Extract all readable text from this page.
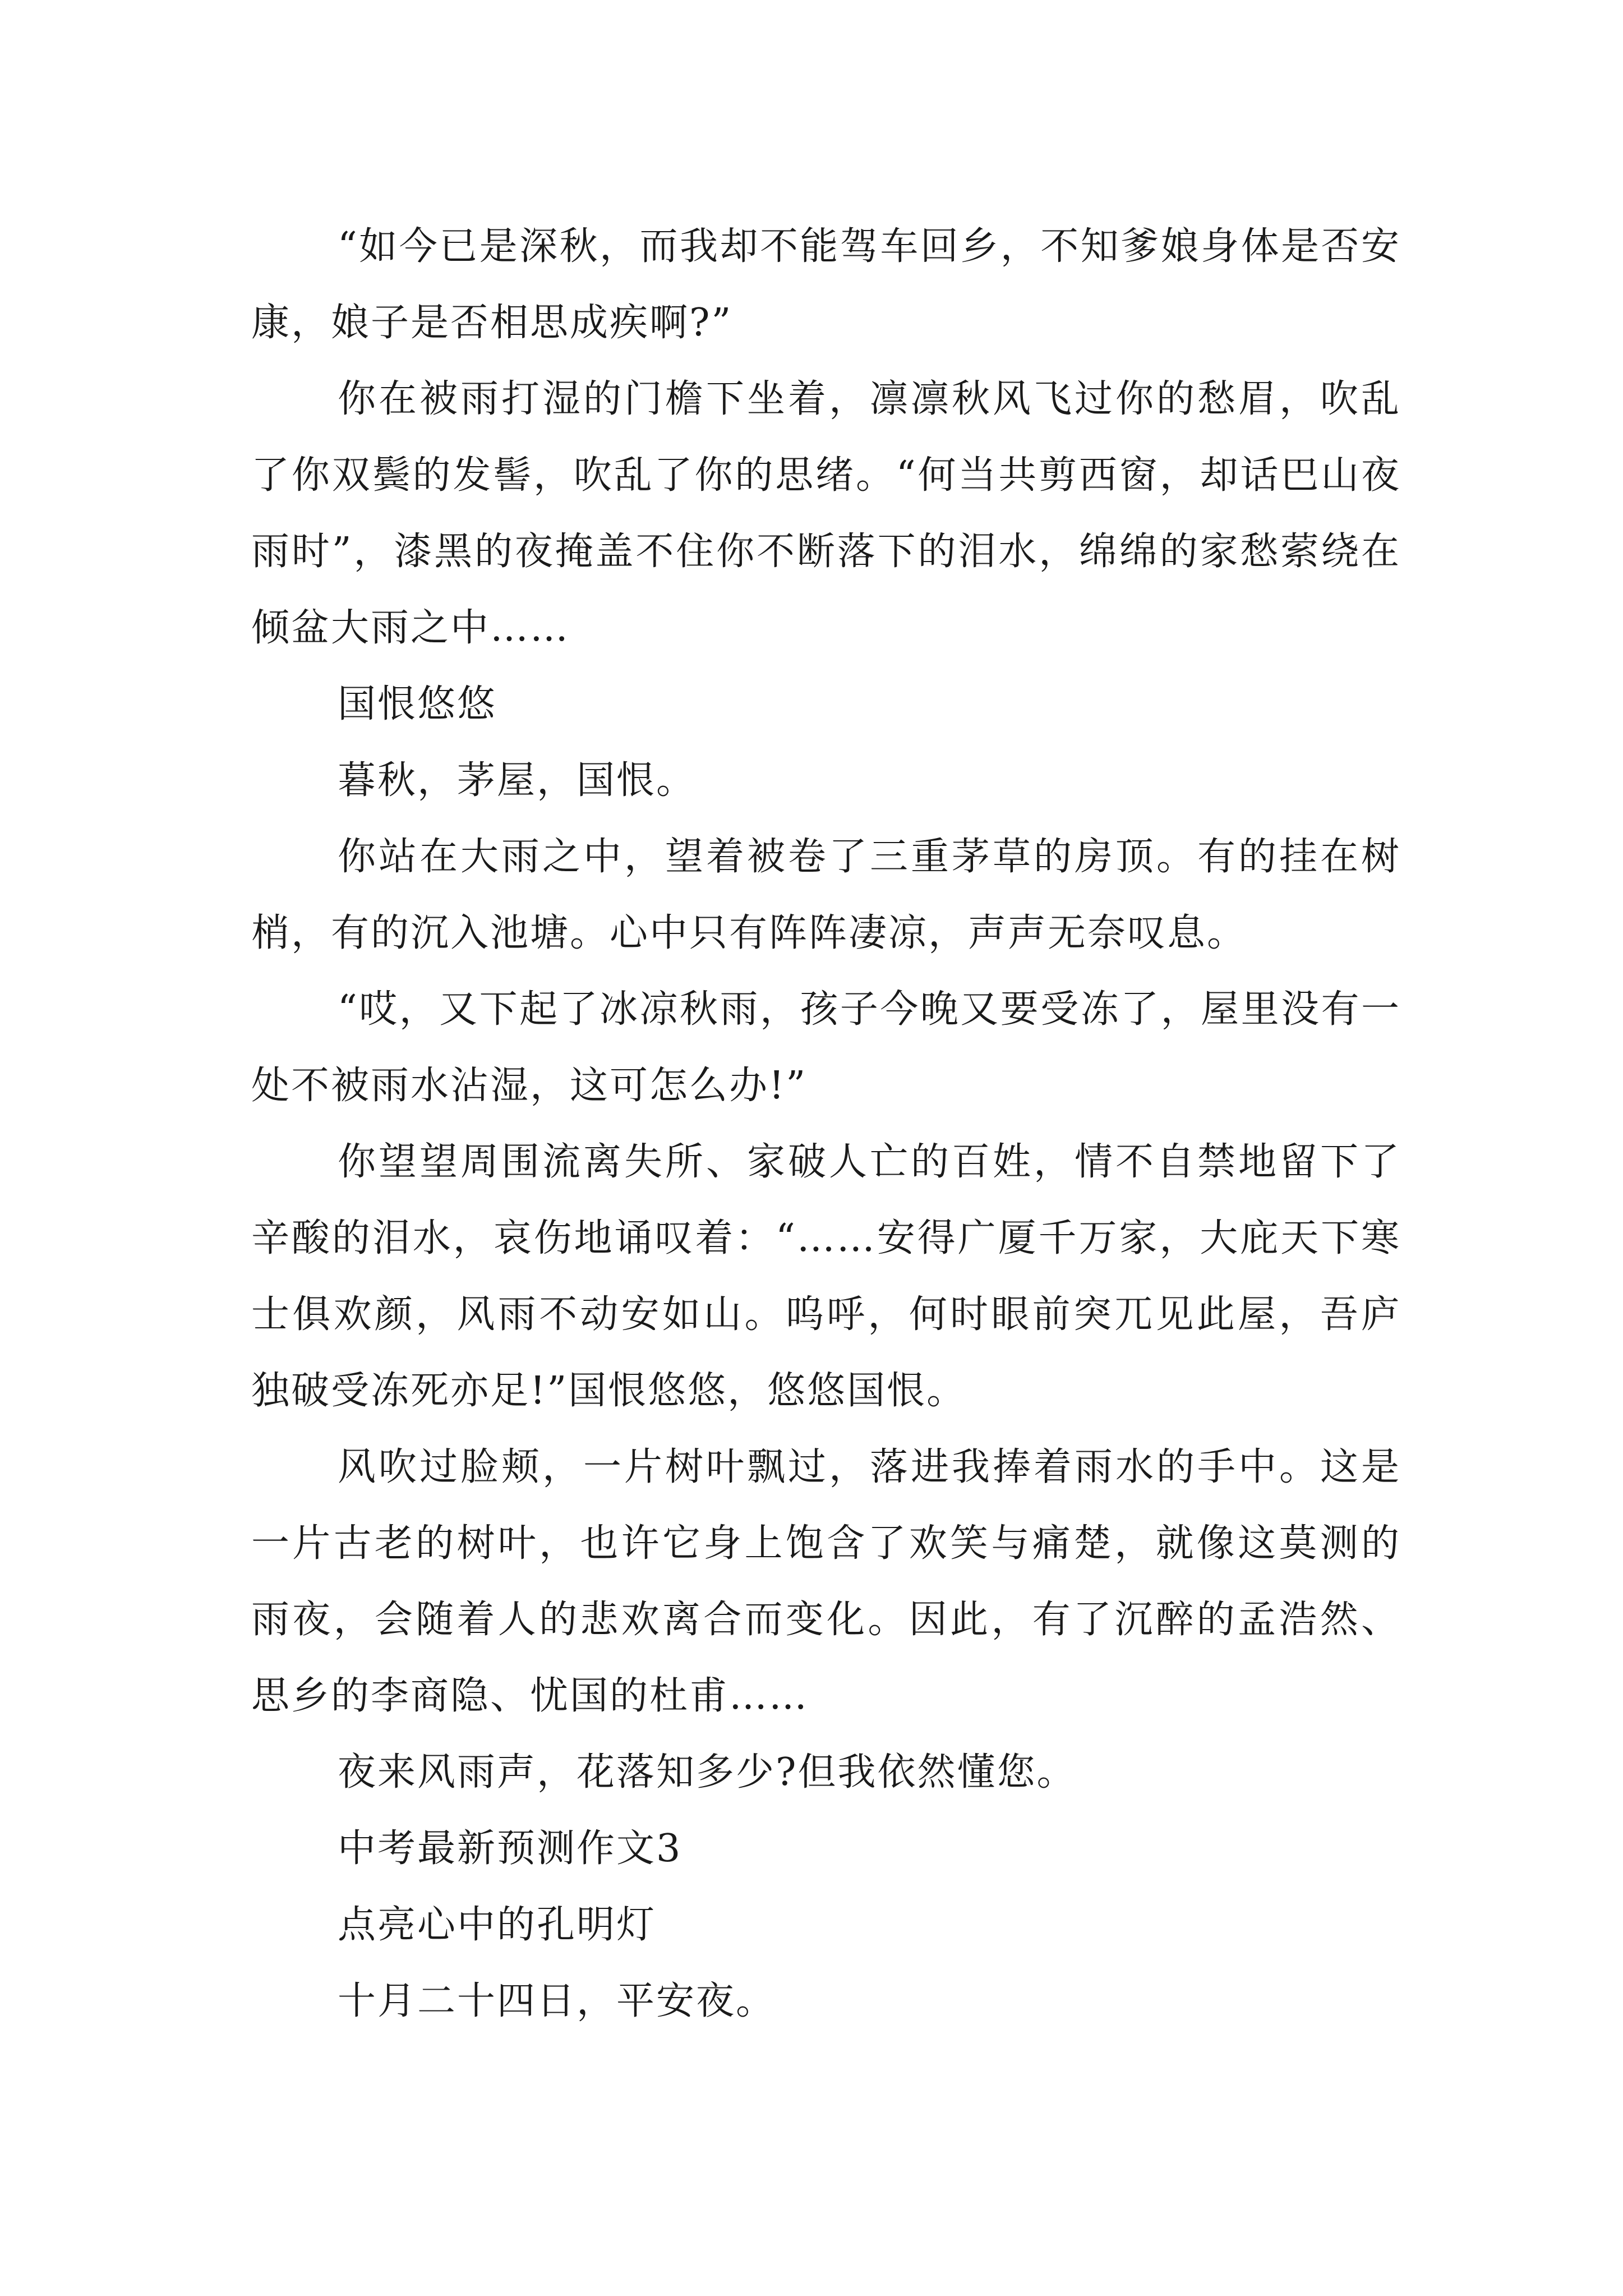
“如今已是深秋，而我却不能驾车回乡，不知爹娘身体是否安康，娘子是否相思成疾啊?”

你在被雨打湿的门檐下坐着，凛凛秋风飞过你的愁眉，吹乱了你双鬓的发髻，吹乱了你的思绪。“何当共剪西窗，却话巴山夜雨时”，漆黑的夜掩盖不住你不断落下的泪水，绵绵的家愁萦绕在倾盆大雨之中……

国恨悠悠

暮秋，茅屋，国恨。

你站在大雨之中，望着被卷了三重茅草的房顶。有的挂在树梢，有的沉入池塘。心中只有阵阵凄凉，声声无奈叹息。

“哎，又下起了冰凉秋雨，孩子今晚又要受冻了，屋里没有一处不被雨水沾湿，这可怎么办!”

你望望周围流离失所、家破人亡的百姓，情不自禁地留下了辛酸的泪水，哀伤地诵叹着：“……安得广厦千万家，大庇天下寒士俱欢颜，风雨不动安如山。呜呼，何时眼前突兀见此屋，吾庐独破受冻死亦足!”国恨悠悠，悠悠国恨。

风吹过脸颊，一片树叶飘过，落进我捧着雨水的手中。这是一片古老的树叶，也许它身上饱含了欢笑与痛楚，就像这莫测的雨夜，会随着人的悲欢离合而变化。因此，有了沉醉的孟浩然、思乡的李商隐、忧国的杜甫……

夜来风雨声，花落知多少?但我依然懂您。

中考最新预测作文3

点亮心中的孔明灯

十月二十四日，平安夜。
